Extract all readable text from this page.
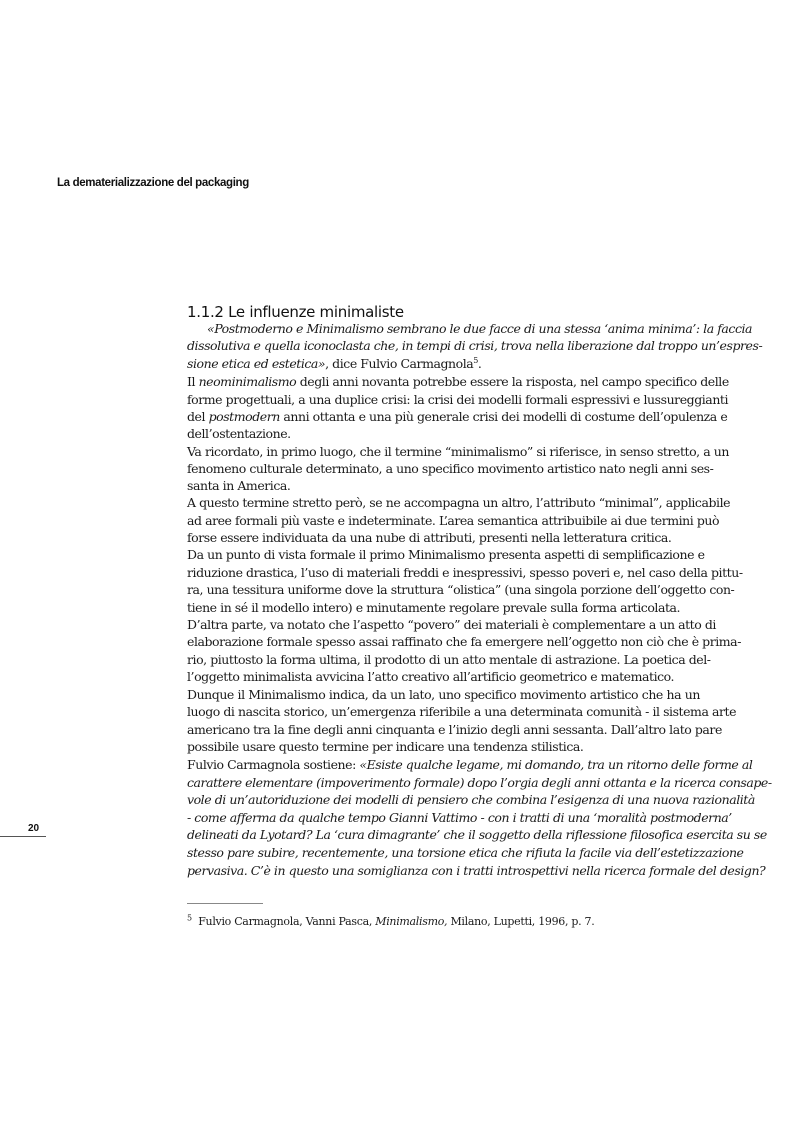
La dematerializzazione del packaging
20
1.1.2 Le influenze minimaliste
«Postmoderno e Minimalismo sembrano le due facce di una stessa ‘anima minima’: la faccia
dissolutiva e quella iconoclasta che, in tempi di crisi, trova nella liberazione dal troppo un’espres-
sione etica ed estetica», dice Fulvio Carmagnola$^5$.
Il neominimalismo degli anni novanta potrebbe essere la risposta, nel campo specifico delle
forme progettuali, a una duplice crisi: la crisi dei modelli formali espressivi e lussureggianti
del postmodern anni ottanta e una più generale crisi dei modelli di costume dell’opulenza e
dell’ostentazione.
Va ricordato, in primo luogo, che il termine “minimalismo” si riferisce, in senso stretto, a un
fenomeno culturale determinato, a uno specifico movimento artistico nato negli anni ses-
santa in America.
A questo termine stretto però, se ne accompagna un altro, l’attributo “minimal”, applicabile
ad aree formali più vaste e indeterminate. L’area semantica attribuibile ai due termini può
forse essere individuata da una nube di attributi, presenti nella letteratura critica.
Da un punto di vista formale il primo Minimalismo presenta aspetti di semplificazione e
riduzione drastica, l’uso di materiali freddi e inespressivi, spesso poveri e, nel caso della pittu-
ra, una tessitura uniforme dove la struttura “olistica” (una singola porzione dell’oggetto con-
tiene in sé il modello intero) e minutamente regolare prevale sulla forma articolata.
D’altra parte, va notato che l’aspetto “povero” dei materiali è complementare a un atto di
elaborazione formale spesso assai raffinato che fa emergere nell’oggetto non ciò che è prima-
rio, piuttosto la forma ultima, il prodotto di un atto mentale di astrazione. La poetica del-
l’oggetto minimalista avvicina l’atto creativo all’artificio geometrico e matematico.
Dunque il Minimalismo indica, da un lato, uno specifico movimento artistico che ha un
luogo di nascita storico, un’emergenza riferibile a una determinata comunità - il sistema arte
americano tra la fine degli anni cinquanta e l’inizio degli anni sessanta. Dall’altro lato pare
possibile usare questo termine per indicare una tendenza stilistica.
Fulvio Carmagnola sostiene: «Esiste qualche legame, mi domando, tra un ritorno delle forme al
carattere elementare (impoverimento formale) dopo l’orgia degli anni ottanta e la ricerca consape-
vole di un’autoriduzione dei modelli di pensiero che combina l’esigenza di una nuova razionalità
- come afferma da qualche tempo Gianni Vattimo - con i tratti di una ‘moralità postmoderna’
delineati da Lyotard? La ‘cura dimagrante’ che il soggetto della riflessione filosofica esercita su se
stesso pare subire, recentemente, una torsione etica che rifiuta la facile via dell’estetizzazione
pervasiva. C’è in questo una somiglianza con i tratti introspettivi nella ricerca formale del design?
$^5$ Fulvio Carmagnola, Vanni Pasca, Minimalismo, Milano, Lupetti, 1996, p. 7.
